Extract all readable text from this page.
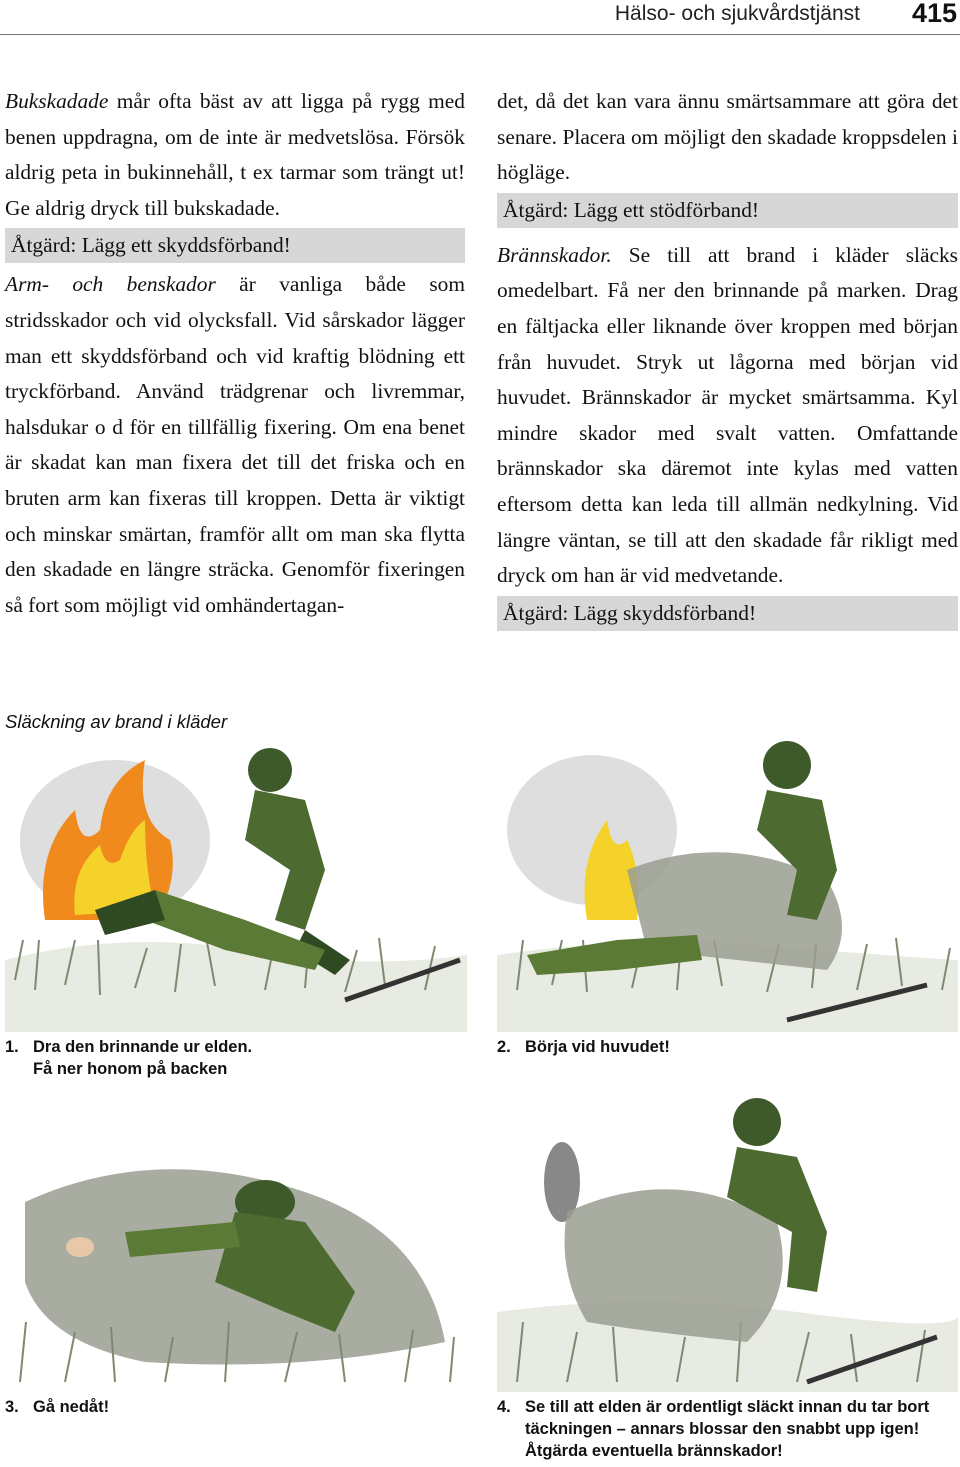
Hälso- och sjukvårdstjänst 415

Bukskadade mår ofta bäst av att ligga på rygg med benen uppdragna, om de inte är medvetslösa. Försök aldrig peta in bukinnehåll, t ex tarmar som trängt ut! Ge aldrig dryck till bukskadade.

Åtgärd: Lägg ett skyddsförband!

Arm- och benskador är vanliga både som stridsskador och vid olycksfall. Vid sårskador lägger man ett skyddsförband och vid kraftig blödning ett tryckförband. Använd trädgrenar och livremmar, halsdukar o d för en tillfällig fixering. Om ena benet är skadat kan man fixera det till det friska och en bruten arm kan fixeras till kroppen. Detta är viktigt och minskar smärtan, framför allt om man ska flytta den skadade en längre sträcka. Genomför fixeringen så fort som möjligt vid omhändertagan-

det, då det kan vara ännu smärtsammare att göra det senare. Placera om möjligt den skadade kroppsdelen i högläge.

Åtgärd: Lägg ett stödförband!

Brännskador. Se till att brand i kläder släcks omedelbart. Få ner den brinnande på marken. Drag en fältjacka eller liknande över kroppen med början från huvudet. Stryk ut lågorna med början vid huvudet. Brännskador är mycket smärtsamma. Kyl mindre skador med svalt vatten. Omfattande brännskador ska däremot inte kylas med vatten eftersom detta kan leda till allmän nedkylning. Vid längre väntan, se till att den skadade får rikligt med dryck om han är vid medvetande.

Åtgärd: Lägg skyddsförband!
Släckning av brand i kläder
1. Dra den brinnande ur elden.
Få ner honom på backen
2. Börja vid huvudet!
3. Gå nedåt!	4. Se till att elden är ordentligt släckt innan du tar bort
täckningen – annars blossar den snabbt upp igen!
Åtgärda eventuella brännskador!
